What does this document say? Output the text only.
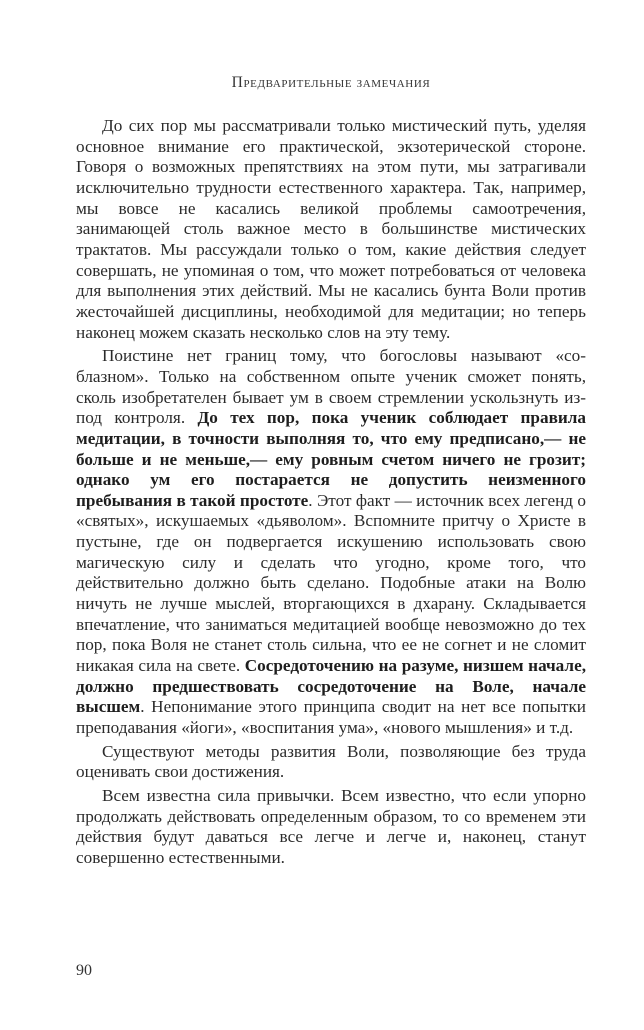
Предварительные замечания

До сих пор мы рассматривали только мистический путь, уделяя основное внимание его практической, экзотерической стороне. Говоря о возможных препятствиях на этом пути, мы затрагивали исключительно трудности естественного характера. Так, например, мы вовсе не касались великой проблемы самоотречения, занимающей столь важное место в большинстве мистических трактатов. Мы рассуждали только о том, какие действия следует совершать, не упоминая о том, что может потребоваться от человека для выполнения этих действий. Мы не касались бунта Воли против жесточайшей дисциплины, необходимой для медитации; но теперь наконец можем сказать несколько слов на эту тему.

Поистине нет границ тому, что богословы называют «соблазном». Только на собственном опыте ученик сможет понять, сколь изобретателен бывает ум в своем стремлении ускользнуть из-под контроля. До тех пор, пока ученик соблюдает правила медитации, в точности выполняя то, что ему предписано,— не больше и не меньше,— ему ровным счетом ничего не грозит; однако ум его постарается не допустить неизменного пребывания в такой простоте. Этот факт — источник всех легенд о «святых», искушаемых «дьяволом». Вспомните притчу о Христе в пустыне, где он подвергается искушению использовать свою магическую силу и сделать что угодно, кроме того, что действительно должно быть сделано. Подобные атаки на Волю ничуть не лучше мыслей, вторгающихся в дхарану. Складывается впечатление, что заниматься медитацией вообще невозможно до тех пор, пока Воля не станет столь сильна, что ее не согнет и не сломит никакая сила на свете. Сосредоточению на разуме, низшем начале, должно предшествовать сосредоточение на Воле, начале высшем. Непонимание этого принципа сводит на нет все попытки преподавания «йоги», «воспитания ума», «нового мышления» и т.д.

Существуют методы развития Воли, позволяющие без труда оценивать свои достижения.

Всем известна сила привычки. Всем известно, что если упорно продолжать действовать определенным образом, то со временем эти действия будут даваться все легче и легче и, наконец, станут совершенно естественными.

90
